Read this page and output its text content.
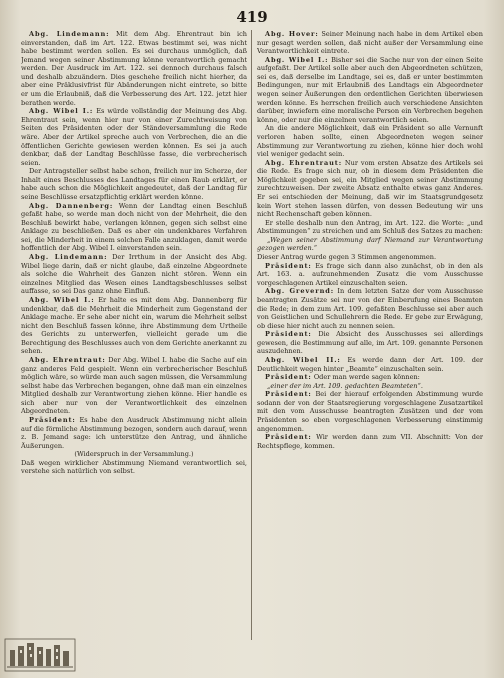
419
Abg. Lindemann: Mit dem Abg. Ehrentraut bin ich einverstanden, daß im Art. 122. Etwas bestimmt sei, was nicht habe bestimmt werden sollen. Es sei durchaus unmöglich, daß Jemand wegen seiner Abstimmung könne verantwortlich gemacht werden. Der Ausdruck im Art. 122. sei dennoch durchaus falsch und deshalb abzuändern. Dies geschehe freilich nicht hierher, da aber eine Präklusivfrist für Abänderungen nicht eintrete, so bitte er um die Erlaubniß, daß die Verbesserung des Art. 122. jetzt hier berathen werde.
Abg. Wibel I.: Es würde vollständig der Meinung des Abg. Ehrentraut sein, wenn hier nur von einer Zurechtweisung von Seiten des Präsidenten oder der Ständeversammlung die Rede wäre. Aber der Artikel spreche auch von Verbrechen, die an die öffentlichen Gerichte gewiesen werden können. Es sei ja auch denkbar, daß der Landtag Beschlüsse fasse, die verbrecherisch seien.
Der Antragsteller selbst habe schon, freilich nur im Scherze, der Inhalt eines Beschlusses des Landtages für einen Raub erklärt, er habe auch schon die Möglichkeit angedeutet, daß der Landtag für seine Beschlüsse ersatzpflichtig erklärt werden könne.
Abg. Dannenberg: Wenn der Landtag einen Beschluß gefaßt habe, so werde man doch nicht von der Mehrheit, die den Beschluß bewirkt habe, verlangen können, gegen sich selbst eine Anklage zu beschließen. Daß es aber ein undenkbares Verfahren sei, die Minderheit in einem solchen Falle anzuklagen, damit werde hoffentlich der Abg. Wibel I. einverstanden sein.
Abg. Lindemann: Der Irrthum in der Ansicht des Abg. Wibel liege darin, daß er nicht glaube, daß einzelne Abgeordnete als solche die Wahrheit des Ganzen nicht stören. Wenn ein einzelnes Mitglied das Wesen eines Landtagsbeschlusses selbst auffasse, so sei Das ganz ohne Einfluß.
Abg. Wibel I.: Er halte es mit dem Abg. Dannenberg für undenkbar, daß die Mehrheit die Minderheit zum Gegenstand der Anklage mache. Er sehe aber nicht ein, warum die Mehrheit selbst nicht den Beschluß fassen könne, ihre Abstimmung dem Urtheile des Gerichts zu unterwerfen, vielleicht gerade um die Berechtigung des Beschlusses auch von dem Gerichte anerkannt zu sehen.
Abg. Ehrentraut: Der Abg. Wibel I. habe die Sache auf ein ganz anderes Feld gespielt. Wenn ein verbrecherischer Beschluß möglich wäre, so würde man auch sagen müssen, die Versammlung selbst habe das Verbrechen begangen, ohne daß man ein einzelnes Mitglied deshalb zur Verantwortung ziehen könne. Hier handle es sich aber nur von der Verantwortlichkeit des einzelnen Abgeordneten.
Präsident: Es habe den Ausdruck Abstimmung nicht allein auf die förmliche Abstimmung bezogen, sondern auch darauf, wenn z. B. Jemand sage: ich unterstütze den Antrag, und ähnliche Äußerungen.
(Widerspruch in der Versammlung.)
Daß wegen wirklicher Abstimmung Niemand verantwortlich sei, verstehe sich natürlich von selbst.
Abg. Hover: Seiner Meinung nach habe in dem Artikel eben nur gesagt werden sollen, daß nicht außer der Versammlung eine Verantwortlichkeit eintrete.
Abg. Wibel I.: Bisher sei die Sache nur von der einen Seite aufgefaßt. Der Artikel solle aber auch den Abgeordneten schützen, sei es, daß derselbe im Landtage, sei es, daß er unter bestimmten Bedingungen, nur mit Erlaubniß des Landtags ein Abgeordneter wegen seiner Äußerungen den ordentlichen Gerichten überwiesen werden könne. Es herrschen freilich auch verschiedene Ansichten darüber, inwiefern eine moralische Person ein Verbrechen begehen könne, oder nur die einzelnen verantwortlich seien.
An die andere Möglichkeit, daß ein Präsident so alle Vernunft verloren haben sollte, einen Abgeordneten wegen seiner Abstimmung zur Verantwortung zu ziehen, könne hier doch wohl viel weniger gedacht sein.
Abg. Ehrentraut: Nur vom ersten Absatze des Artikels sei die Rede. Es frage sich nur, ob in diesem dem Präsidenten die Möglichkeit gegeben sei, ein Mitglied wegen seiner Abstimmung zurechtzuweisen. Der zweite Absatz enthalte etwas ganz Anderes. Er sei entschieden der Meinung, daß wir im Staatsgrundgesetz kein Wort stehen lassen dürfen, von dessen Bedeutung wir uns nicht Rechenschaft geben können.
Er stelle deshalb nun den Antrag, im Art. 122. die Worte: „und Abstimmungen“ zu streichen und am Schluß des Satzes zu machen:
„Wegen seiner Abstimmung darf Niemand zur Verantwortung gezogen werden.“
Dieser Antrag wurde gegen 3 Stimmen angenommen.
Präsident: Es frage sich dann also zunächst, ob in den als Art. 163. a. aufzunehmenden Zusatz die vom Ausschusse vorgeschlagenen Artikel einzuschalten seien.
Abg. Grevernd: In dem letzten Satze der vom Ausschusse beantragten Zusätze sei nur von der Einberufung eines Beamten die Rede; in dem zum Art. 109. gefaßten Beschlusse sei aber auch von Geistlichen und Schullehrern die Rede. Er gebe zur Erwägung, ob diese hier nicht auch zu nennen seien.
Präsident: Die Absicht des Ausschusses sei allerdings gewesen, die Bestimmung auf alle, im Art. 109. genannte Personen auszudehnen.
Abg. Wibel II.: Es werde dann der Art. 109. der Deutlichkeit wegen hinter „Beamte“ einzuschalten sein.
Präsident: Oder man werde sagen können:
„einer der im Art. 109. gedachten Beamteten“.
Präsident: Bei der hierauf erfolgenden Abstimmung wurde sodann der von der Staatsregierung vorgeschlagene Zusatzartikel mit den vom Ausschusse beantragten Zusätzen und der vom Präsidenten so eben vorgeschlagenen Verbesserung einstimmig angenommen.
Präsident: Wir werden dann zum VII. Abschnitt: Von der Rechtspflege, kommen.
